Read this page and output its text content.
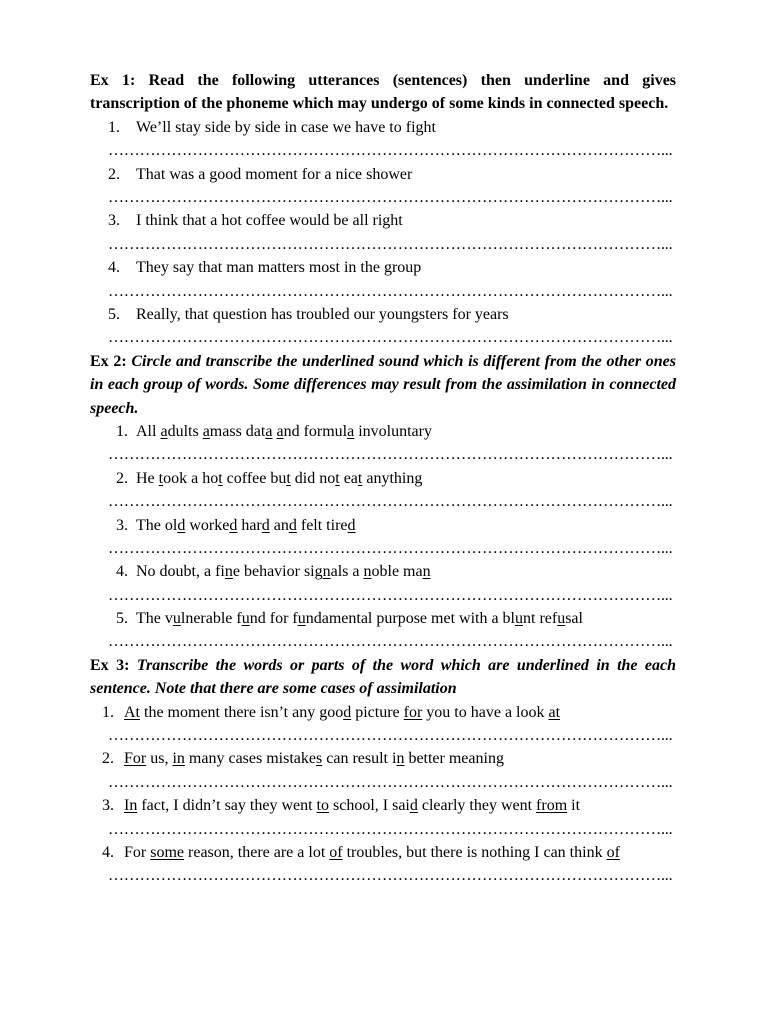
Ex 1: Read the following utterances (sentences) then underline and gives transcription of the phoneme which may undergo of some kinds in connected speech.

1. We’ll stay side by side in case we have to fight
……………………………………………………………………………………………...
2. That was a good moment for a nice shower
……………………………………………………………………………………………...
3. I think that a hot coffee would be all right
……………………………………………………………………………………………...
4. They say that man matters most in the group
……………………………………………………………………………………………...
5. Really, that question has troubled our youngsters for years
……………………………………………………………………………………………...

Ex 2: Circle and transcribe the underlined sound which is different from the other ones in each group of words. Some differences may result from the assimilation in connected speech.

1. All adults amass data and formula involuntary
……………………………………………………………………………………………...
2. He took a hot coffee but did not eat anything
……………………………………………………………………………………………...
3. The old worked hard and felt tired
……………………………………………………………………………………………...
4. No doubt, a fine behavior signals a noble man
……………………………………………………………………………………………...
5. The vulnerable fund for fundamental purpose met with a blunt refusal
……………………………………………………………………………………………...

Ex 3: Transcribe the words or parts of the word which are underlined in the each sentence. Note that there are some cases of assimilation

1. At the moment there isn’t any good picture for you to have a look at
……………………………………………………………………………………………...
2. For us, in many cases mistakes can result in better meaning
……………………………………………………………………………………………...
3. In fact, I didn’t say they went to school, I said clearly they went from it
……………………………………………………………………………………………...
4. For some reason, there are a lot of troubles, but there is nothing I can think of
……………………………………………………………………………………………...
